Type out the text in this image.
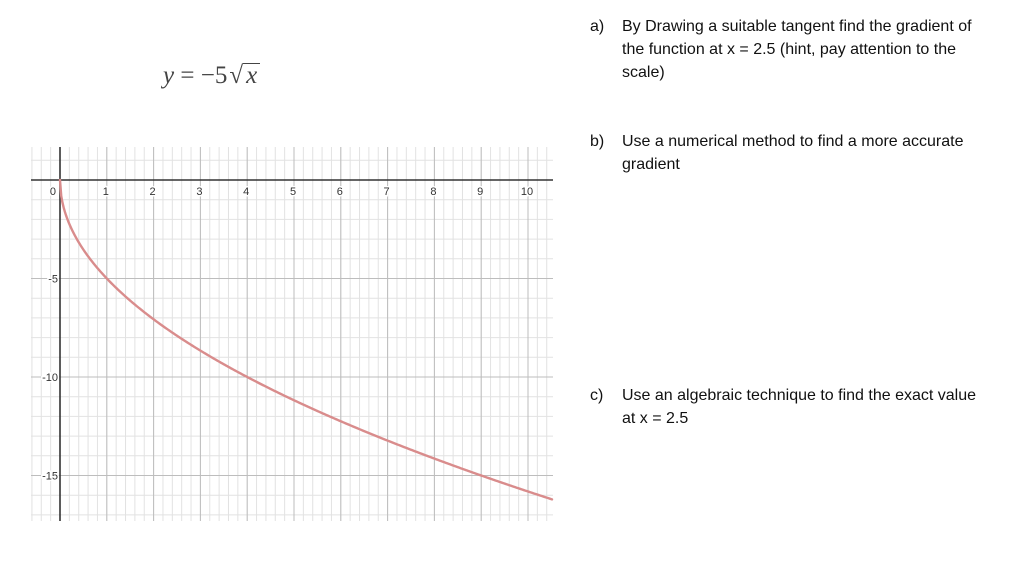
y = −5√ x
1	2	3	4	5	6	7	8	9	10
-5
-10
-15
0
a) By Drawing a suitable tangent find the gradient of the function at x = 2.5 (hint, pay attention to the scale)
b) Use a numerical method to find a more accurate gradient
c) Use an algebraic technique to find the exact value at x = 2.5
